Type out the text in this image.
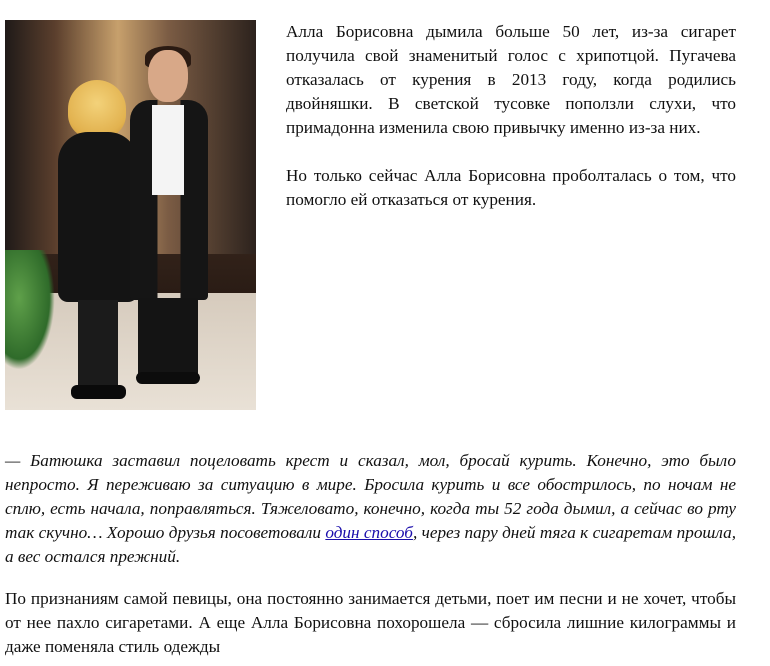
Алла Борисовна дымила больше 50 лет, из-за сигарет получила свой знаменитый голос с хрипотцой. Пугачева отказалась от курения в 2013 году, когда родились двойняшки. В светской тусовке поползли слухи, что примадонна изменила свою привычку именно из-за них.

Но только сейчас Алла Борисовна проболталась о том, что помогло ей отказаться от курения.

— Батюшка заставил поцеловать крест и сказал, мол, бросай курить. Конечно, это было непросто. Я переживаю за ситуацию в мире. Бросила курить и все обострилось, по ночам не сплю, есть начала, поправляться. Тяжеловато, конечно, когда ты 52 года дымил, а сейчас во рту так скучно… Хорошо друзья посоветовали один способ, через пару дней тяга к сигаретам прошла, а вес остался прежний.

По признаниям самой певицы, она постоянно занимается детьми, поет им песни и не хочет, чтобы от нее пахло сигаретами. А еще Алла Борисовна похорошела — сбросила лишние килограммы и даже поменяла стиль одежды
